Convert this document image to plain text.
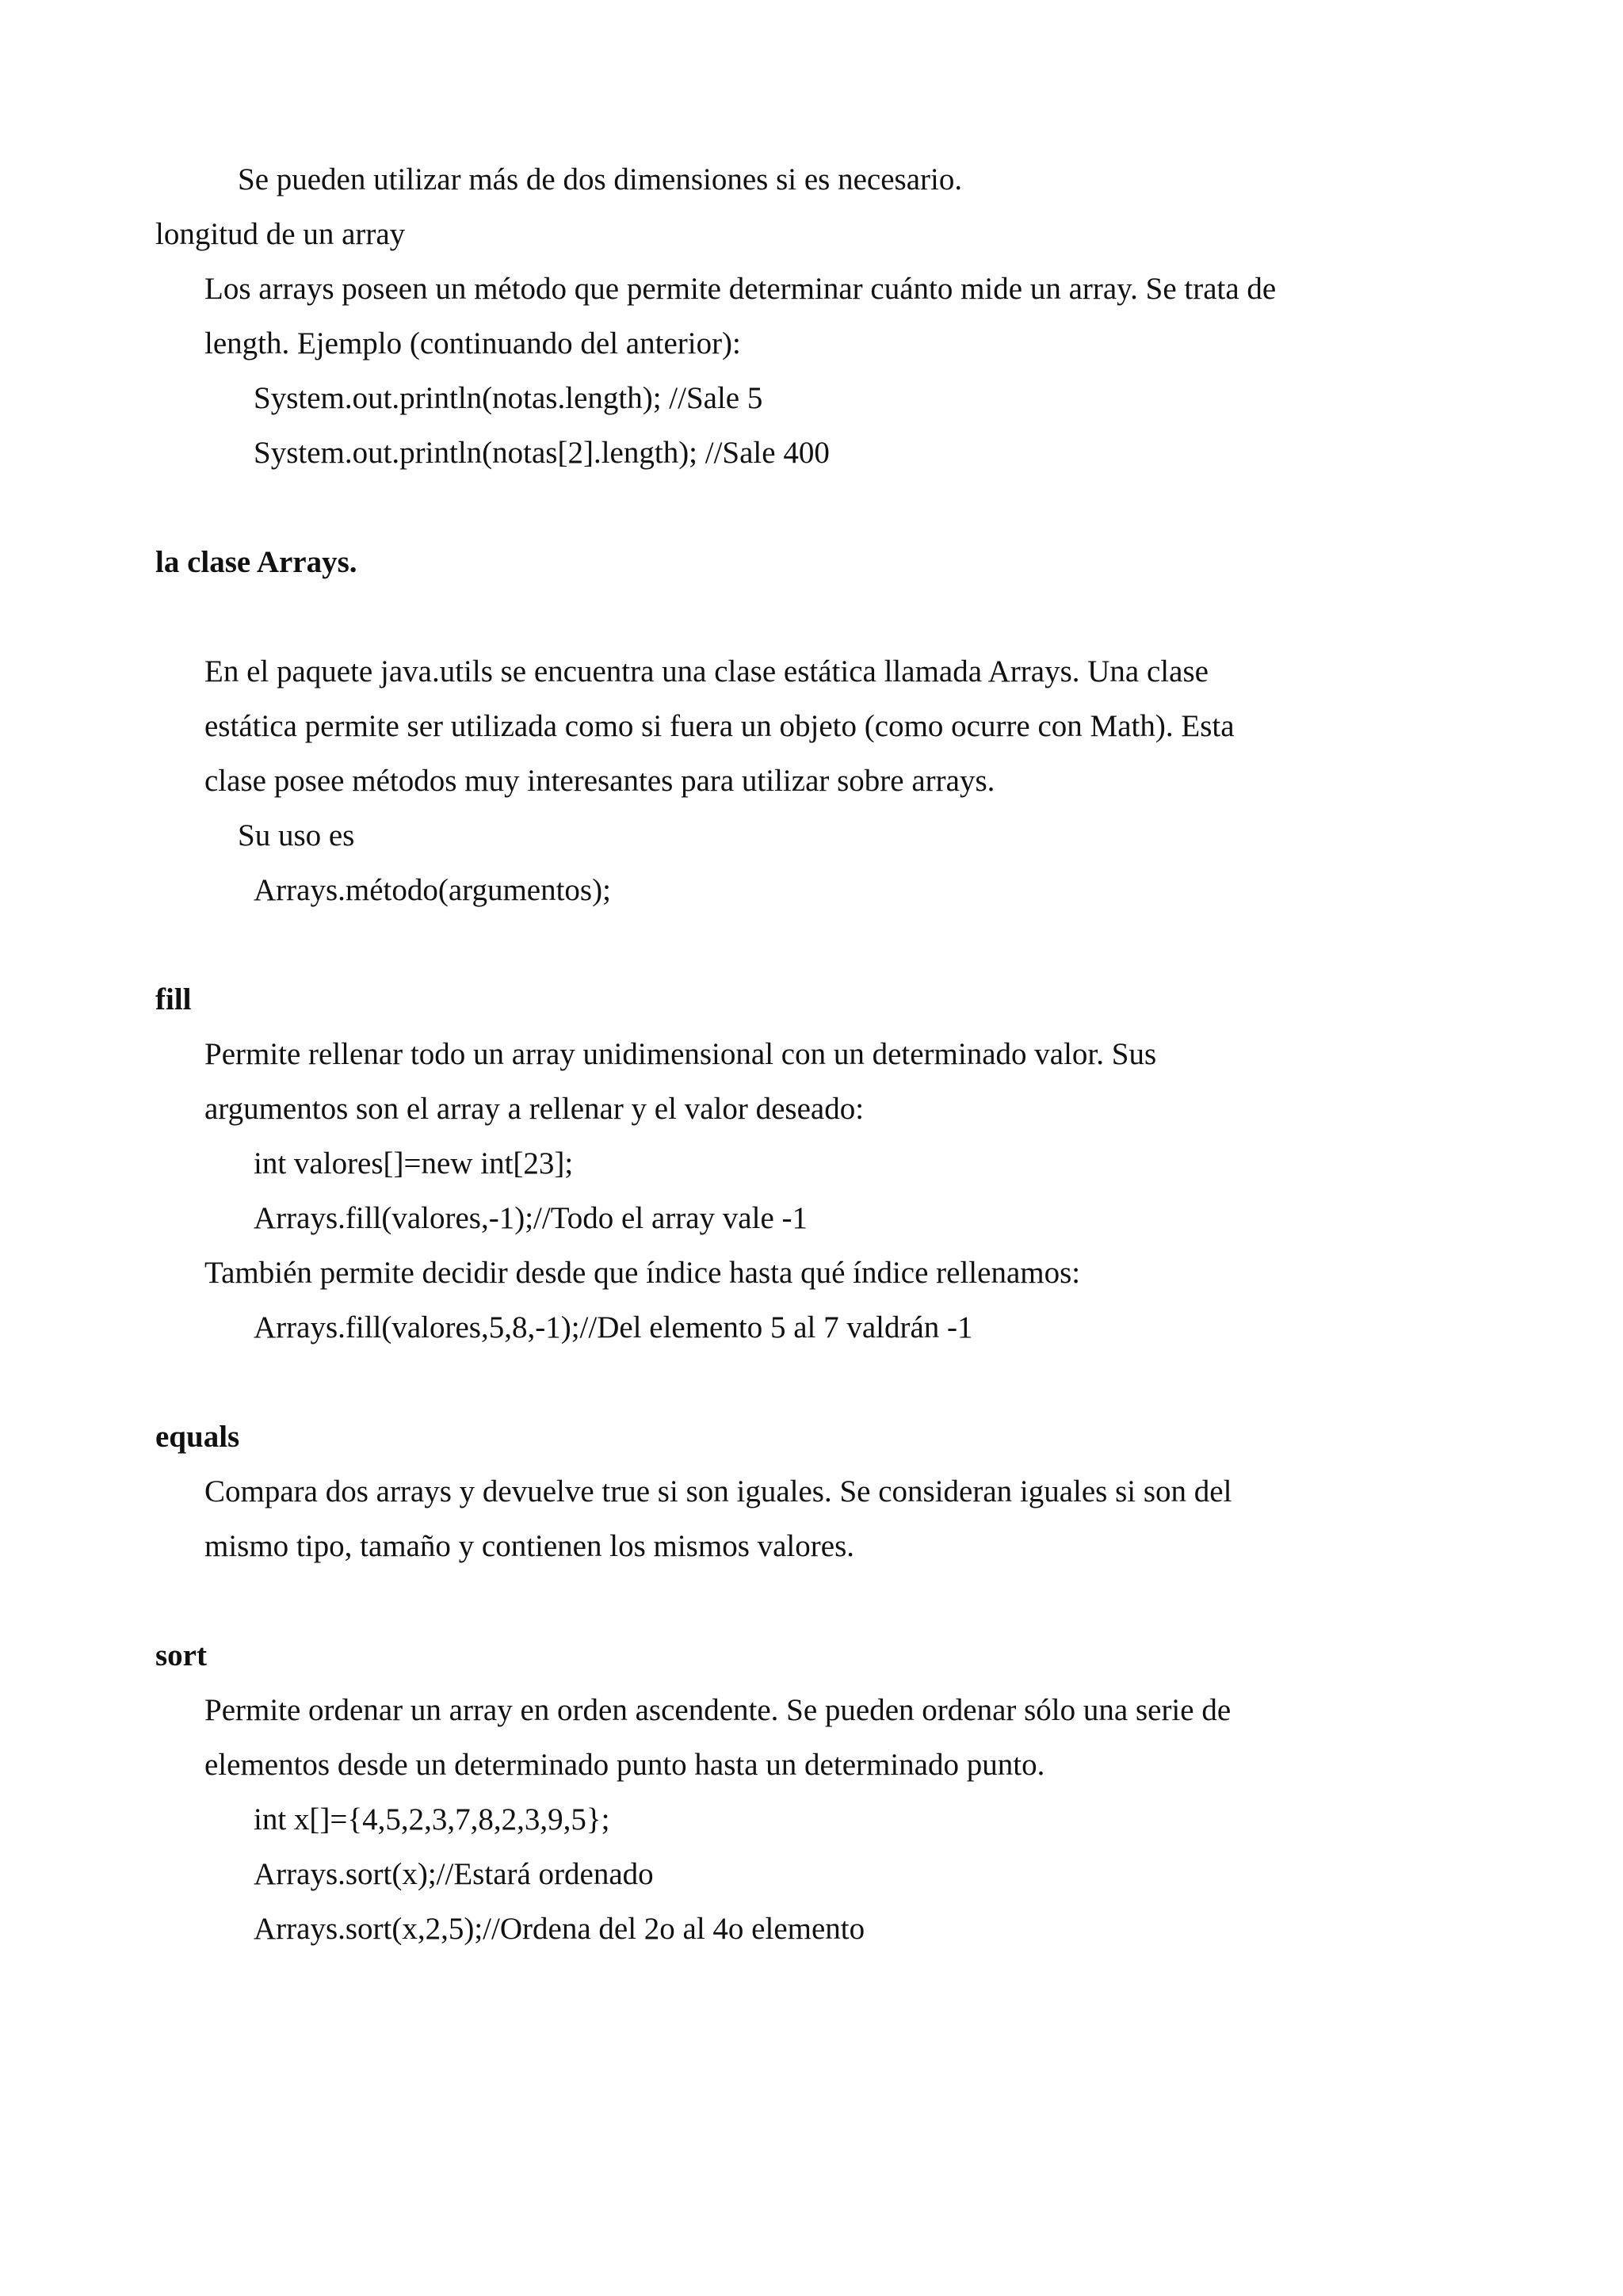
Se pueden utilizar más de dos dimensiones si es necesario.
longitud de un array
Los arrays poseen un método que permite determinar cuánto mide un array. Se trata de
length. Ejemplo (continuando del anterior):
System.out.println(notas.length); //Sale 5
System.out.println(notas[2].length); //Sale 400
la clase Arrays.
En el paquete java.utils se encuentra una clase estática llamada Arrays. Una clase
estática permite ser utilizada como si fuera un objeto (como ocurre con Math). Esta
clase posee métodos muy interesantes para utilizar sobre arrays.
Su uso es
Arrays.método(argumentos);
fill
Permite rellenar todo un array unidimensional con un determinado valor. Sus
argumentos son el array a rellenar y el valor deseado:
int valores[]=new int[23];
Arrays.fill(valores,-1);//Todo el array vale -1
También permite decidir desde que índice hasta qué índice rellenamos:
Arrays.fill(valores,5,8,-1);//Del elemento 5 al 7 valdrán -1
equals
Compara dos arrays y devuelve true si son iguales. Se consideran iguales si son del
mismo tipo, tamaño y contienen los mismos valores.
sort
Permite ordenar un array en orden ascendente. Se pueden ordenar sólo una serie de
elementos desde un determinado punto hasta un determinado punto.
int x[]={4,5,2,3,7,8,2,3,9,5};
Arrays.sort(x);//Estará ordenado
Arrays.sort(x,2,5);//Ordena del 2o al 4o elemento
